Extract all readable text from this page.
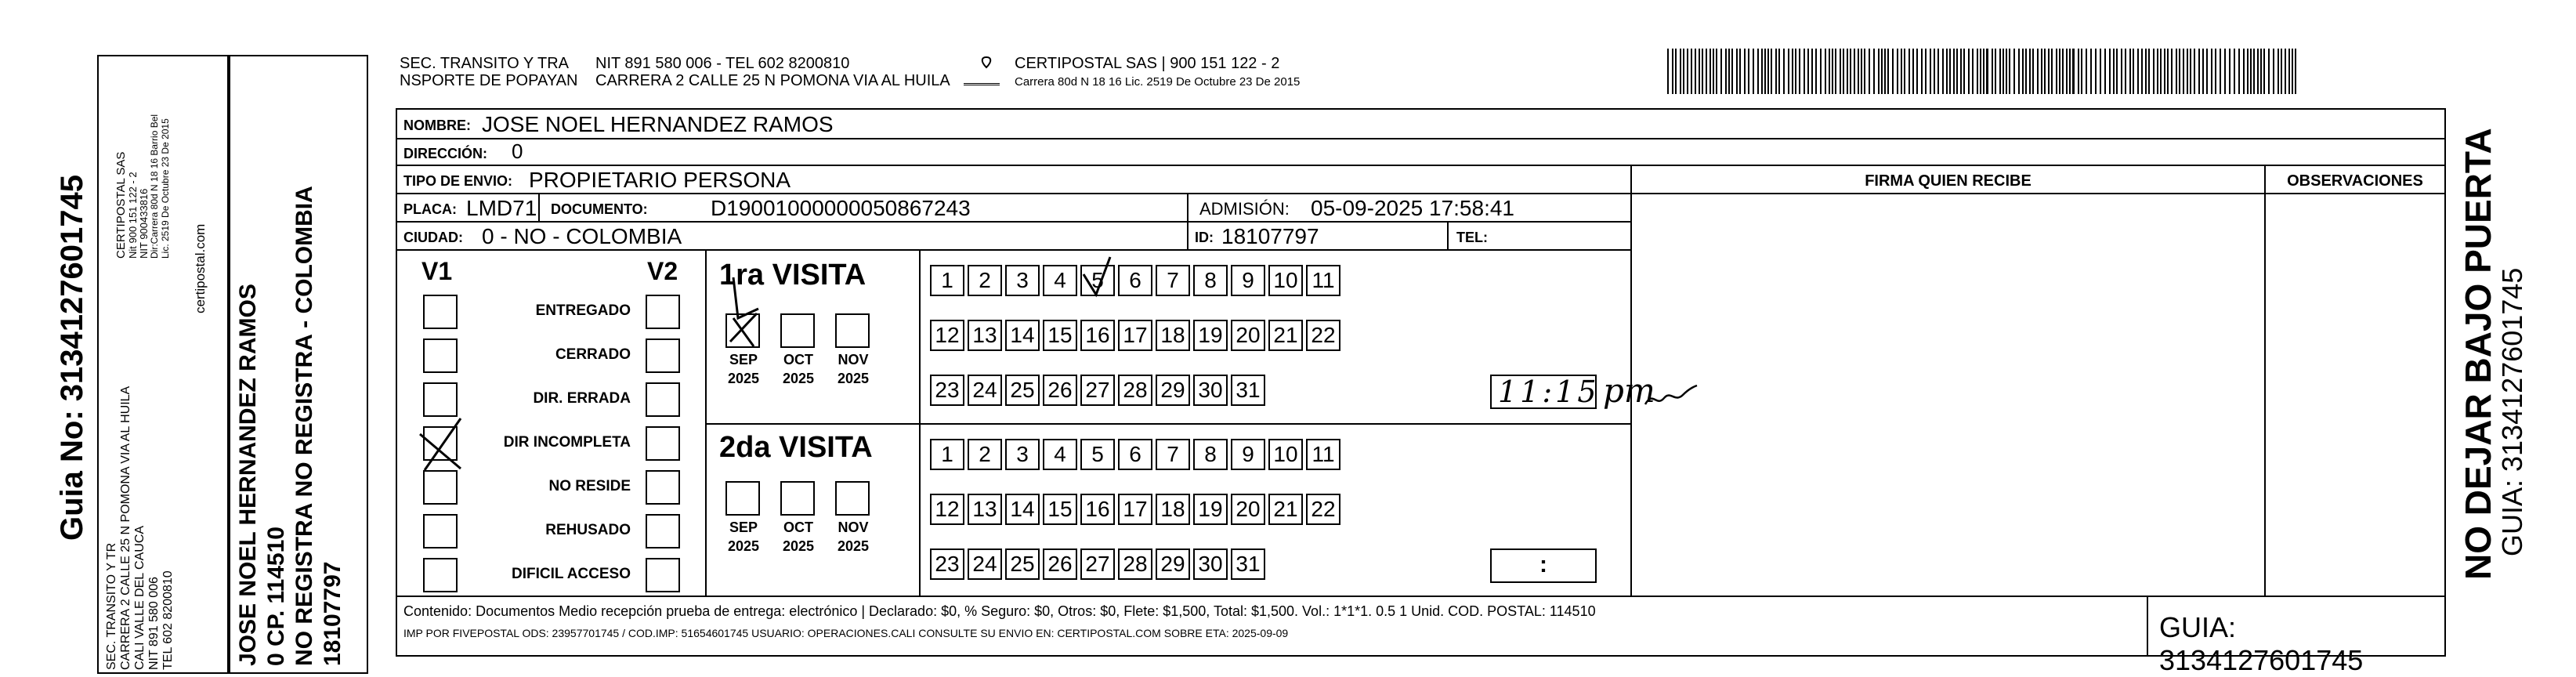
Guia No: 3134127601745
SEC. TRANSITO Y TR CARRERA 2 CALLE 25 N POMONA VIA AL HUILA CALI VALLE DEL CAUCA NIT 891 580 006 TEL 602 8200810
CERTIPOSTAL SAS Nit 900 151 122 - 2 NIT 900433816 Dir:Carrera 80d N 18 16 Barrio Bel Lic. 2519 De Octubre 23 De 2015
certipostal.com
JOSE NOEL HERNANDEZ RAMOS 0 CP. 114510 NO REGISTRA NO REGISTRA - COLOMBIA 18107797
SEC. TRANSITO Y TRA
NSPORTE DE POPAYAN
NIT 891 580 006 - TEL 602 8200810
CARRERA 2 CALLE 25 N POMONA VIA AL HUILA
CERTIPOSTAL SAS | 900 151 122 - 2
Carrera 80d N 18 16 Lic. 2519 De Octubre 23 De 2015
NOMBRE: JOSE NOEL HERNANDEZ RAMOS
DIRECCIÓN: 0
TIPO DE ENVIO: PROPIETARIO PERSONA
PLACA: LMD71 DOCUMENTO:	D19001000000050867243	ADMISIÓN: 05-09-2025 17:58:41
CIUDAD: 0 - NO - COLOMBIA	ID: 18107797	TEL:
FIRMA QUIEN RECIBE	OBSERVACIONES
V1	V2
ENTREGADO
CERRADO
DIR. ERRADA
DIR INCOMPLETA
NO RESIDE
REHUSADO
DIFICIL ACCESO
1ra VISITA
2da VISITA
SEP
2025
OCT
2025
NOV
2025
SEP
2025
OCT
2025
NOV
2025
1	2	3	4	5	6	7	8	9 10 11
12 13 14 15 16 17 18 19 20 21 22
23 24 25 26 27 28 29 30 31
1	2	3	4	5	6	7	8	9 10 11
12 13 14 15 16 17 18 19 20 21 22
23 24 25 26 27 28 29 30 31
11:15 pm
:
Contenido: Documentos Medio recepción prueba de entrega: electrónico | Declarado: $0, % Seguro: $0, Otros: $0, Flete: $1,500, Total: $1,500. Vol.: 1*1*1. 0.5 1 Unid. COD. POSTAL: 114510
IMP POR FIVEPOSTAL ODS: 23957701745 / COD.IMP: 51654601745 USUARIO: OPERACIONES.CALI CONSULTE SU ENVIO EN: CERTIPOSTAL.COM SOBRE ETA: 2025-09-09	GUIA: 3134127601745
NO DEJAR BAJO PUERTA
GUIA: 3134127601745
